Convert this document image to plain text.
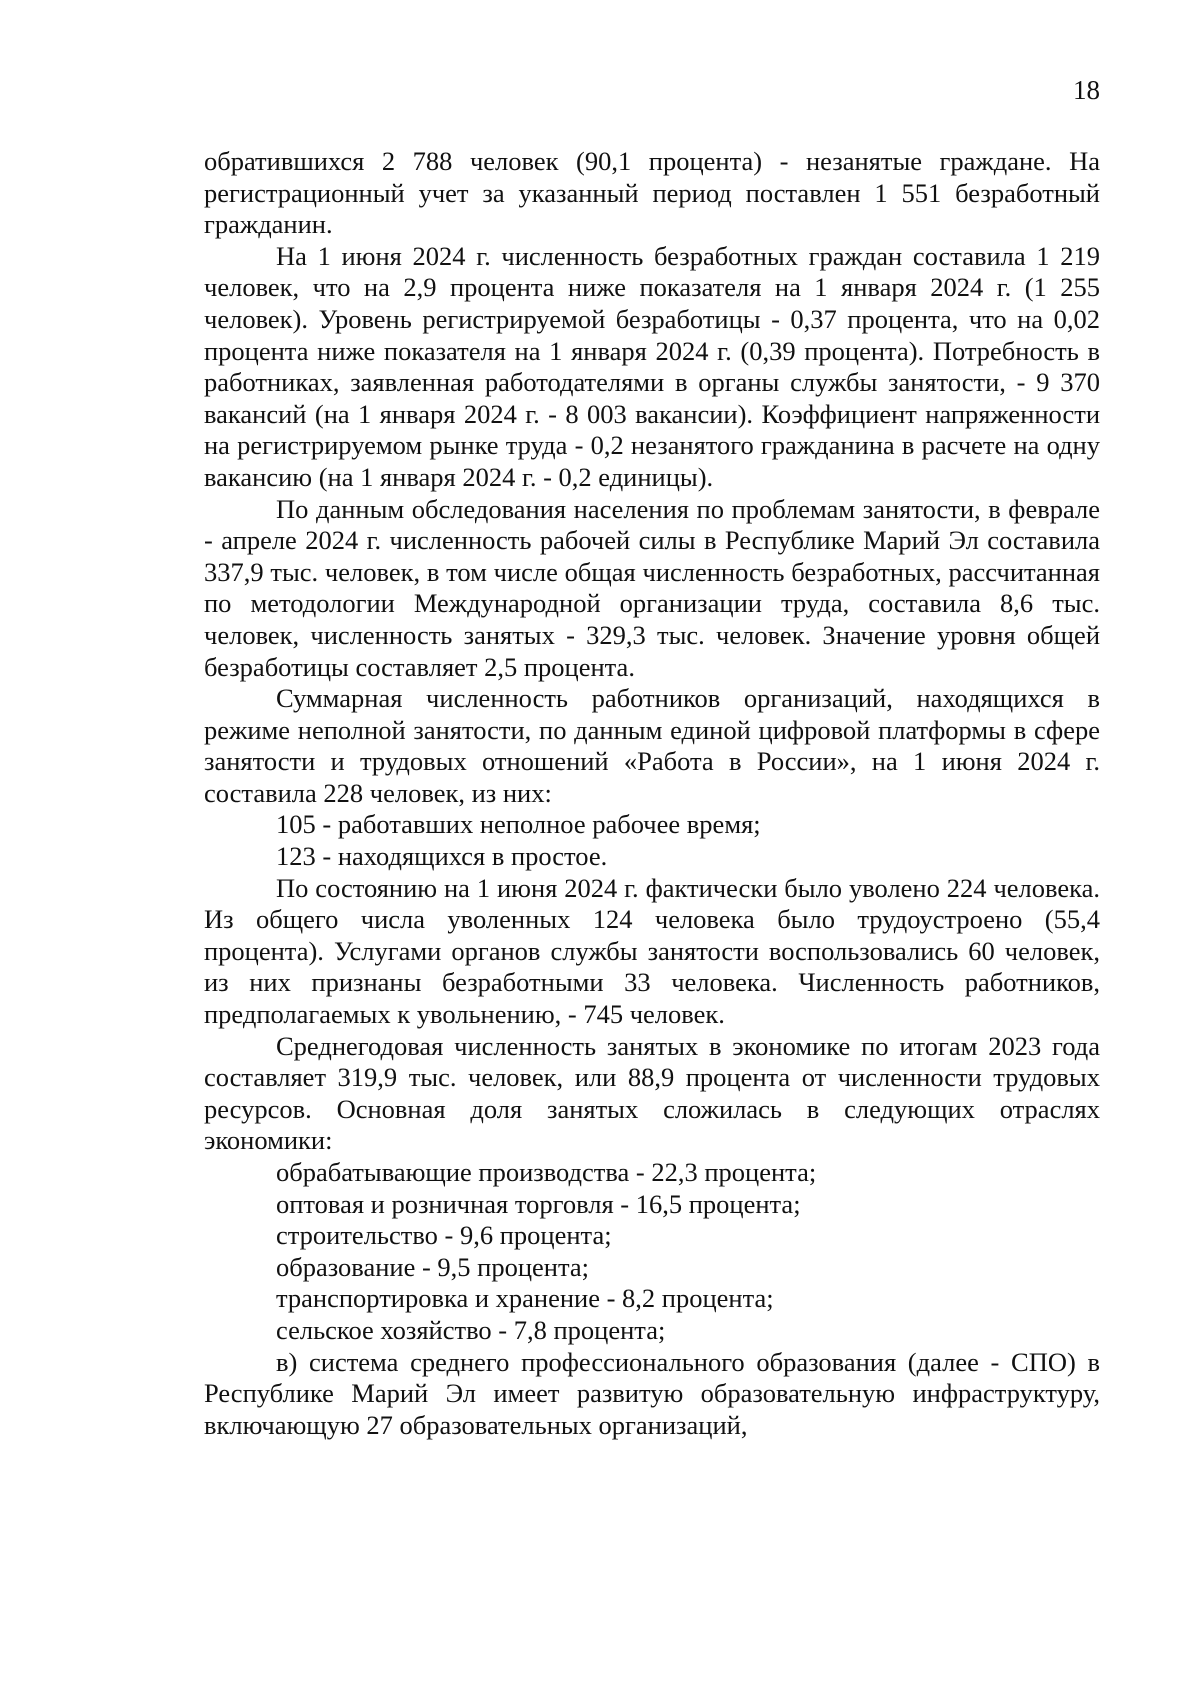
18

обратившихся 2 788 человек (90,1 процента) - незанятые граждане. На регистрационный учет за указанный период поставлен 1 551 безработный гражданин.

На 1 июня 2024 г. численность безработных граждан составила 1 219 человек, что на 2,9 процента ниже показателя на 1 января 2024 г. (1 255 человек). Уровень регистрируемой безработицы - 0,37 процента, что на 0,02 процента ниже показателя на 1 января 2024 г. (0,39 процента). Потребность в работниках, заявленная работодателями в органы службы занятости, - 9 370 вакансий (на 1 января 2024 г. - 8 003 вакансии). Коэффициент напряженности на регистрируемом рынке труда - 0,2 незанятого гражданина в расчете на одну вакансию (на 1 января 2024 г. - 0,2 единицы).

По данным обследования населения по проблемам занятости, в феврале - апреле 2024 г. численность рабочей силы в Республике Марий Эл составила 337,9 тыс. человек, в том числе общая численность безработных, рассчитанная по методологии Международной организации труда, составила 8,6 тыс. человек, численность занятых - 329,3 тыс. человек. Значение уровня общей безработицы составляет 2,5 процента.

Суммарная численность работников организаций, находящихся в режиме неполной занятости, по данным единой цифровой платформы в сфере занятости и трудовых отношений «Работа в России», на 1 июня 2024 г. составила 228 человек, из них:

105 - работавших неполное рабочее время;

123 - находящихся в простое.

По состоянию на 1 июня 2024 г. фактически было уволено 224 человека. Из общего числа уволенных 124 человека было трудоустроено (55,4 процента). Услугами органов службы занятости воспользовались 60 человек, из них признаны безработными 33 человека. Численность работников, предполагаемых к увольнению, - 745 человек.

Среднегодовая численность занятых в экономике по итогам 2023 года составляет 319,9 тыс. человек, или 88,9 процента от численности трудовых ресурсов. Основная доля занятых сложилась в следующих отраслях экономики:

обрабатывающие производства - 22,3 процента;

оптовая и розничная торговля - 16,5 процента;

строительство - 9,6 процента;

образование - 9,5 процента;

транспортировка и хранение - 8,2 процента;

сельское хозяйство - 7,8 процента;

в) система среднего профессионального образования (далее - СПО) в Республике Марий Эл имеет развитую образовательную инфраструктуру, включающую 27 образовательных организаций,
